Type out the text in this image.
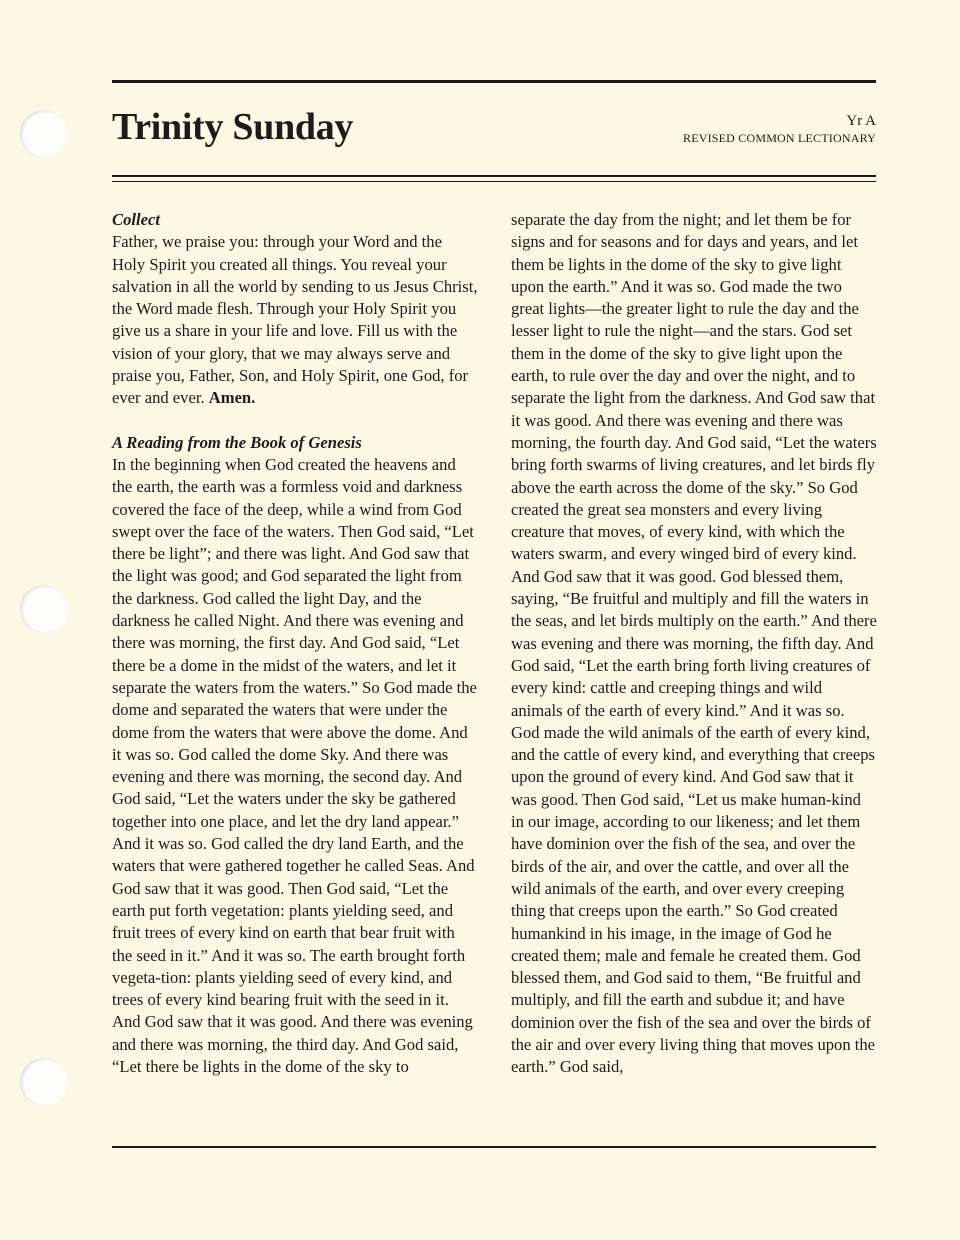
Trinity Sunday	Yr A
REVISED COMMON LECTIONARY
Collect

Father, we praise you: through your Word and the Holy Spirit you created all things. You reveal your salvation in all the world by sending to us Jesus Christ, the Word made flesh. Through your Holy Spirit you give us a share in your life and love. Fill us with the vision of your glory, that we may always serve and praise you, Father, Son, and Holy Spirit, one God, for ever and ever. Amen.

A Reading from the Book of Genesis

In the beginning when God created the heavens and the earth, the earth was a formless void and darkness covered the face of the deep, while a wind from God swept over the face of the waters. Then God said, “Let there be light”; and there was light. And God saw that the light was good; and God separated the light from the darkness. God called the light Day, and the darkness he called Night. And there was evening and there was morning, the first day. And God said, “Let there be a dome in the midst of the waters, and let it separate the waters from the waters.” So God made the dome and separated the waters that were under the dome from the waters that were above the dome. And it was so. God called the dome Sky. And there was evening and there was morning, the second day. And God said, “Let the waters under the sky be gathered together into one place, and let the dry land appear.” And it was so. God called the dry land Earth, and the waters that were gathered together he called Seas. And God saw that it was good. Then God said, “Let the earth put forth vegetation: plants yielding seed, and fruit trees of every kind on earth that bear fruit with the seed in it.” And it was so. The earth brought forth vegeta-tion: plants yielding seed of every kind, and trees of every kind bearing fruit with the seed in it. And God saw that it was good. And there was evening and there was morning, the third day. And God said, “Let there be lights in the dome of the sky to

separate the day from the night; and let them be for signs and for seasons and for days and years, and let them be lights in the dome of the sky to give light upon the earth.” And it was so. God made the two great lights—the greater light to rule the day and the lesser light to rule the night—and the stars. God set them in the dome of the sky to give light upon the earth, to rule over the day and over the night, and to separate the light from the darkness. And God saw that it was good. And there was evening and there was morning, the fourth day. And God said, “Let the waters bring forth swarms of living creatures, and let birds fly above the earth across the dome of the sky.” So God created the great sea monsters and every living creature that moves, of every kind, with which the waters swarm, and every winged bird of every kind. And God saw that it was good. God blessed them, saying, “Be fruitful and multiply and fill the waters in the seas, and let birds multiply on the earth.” And there was evening and there was morning, the fifth day. And God said, “Let the earth bring forth living creatures of every kind: cattle and creeping things and wild animals of the earth of every kind.” And it was so. God made the wild animals of the earth of every kind, and the cattle of every kind, and everything that creeps upon the ground of every kind. And God saw that it was good. Then God said, “Let us make human-kind in our image, according to our likeness; and let them have dominion over the fish of the sea, and over the birds of the air, and over the cattle, and over all the wild animals of the earth, and over every creeping thing that creeps upon the earth.” So God created humankind in his image, in the image of God he created them; male and female he created them. God blessed them, and God said to them, “Be fruitful and multiply, and fill the earth and subdue it; and have dominion over the fish of the sea and over the birds of the air and over every living thing that moves upon the earth.” God said,
